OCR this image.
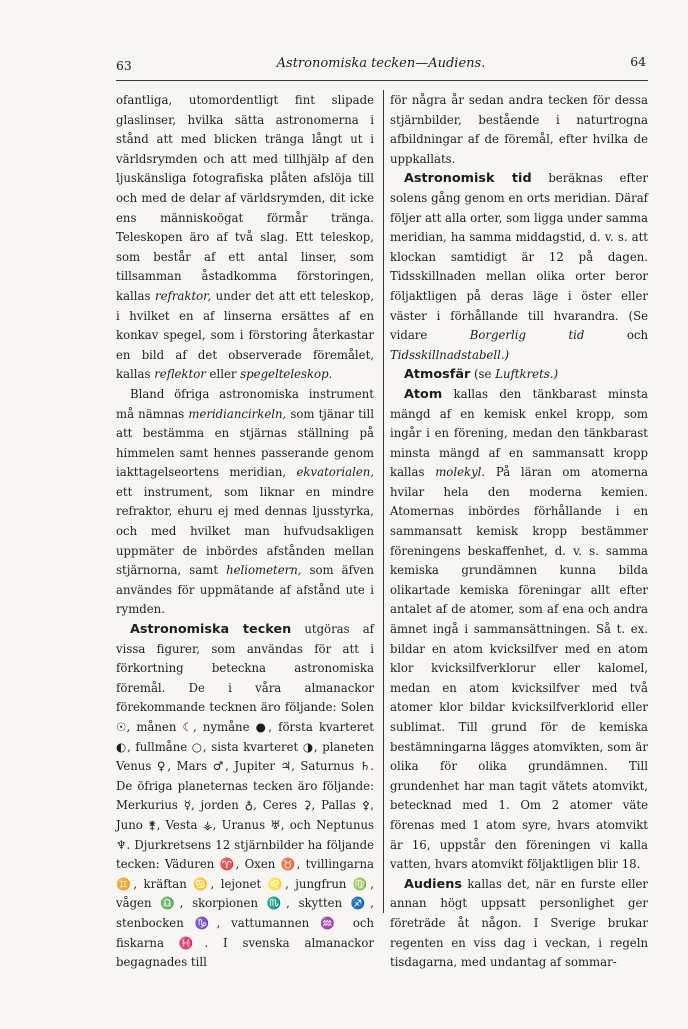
63	Astronomiska tecken—Audiens.	64

ofantliga, utomordentligt fint slipade glaslinser, hvilka sätta astronomerna i stånd att med blicken tränga långt ut i världsrymden och att med tillhjälp af den ljuskänsliga fotografiska plåten afslöja till och med de delar af världsrymden, dit icke ens människoögat förmår tränga. Teleskopen äro af två slag. Ett teleskop, som består af ett antal linser, som tillsamman åstadkomma förstoringen, kallas refraktor, under det att ett teleskop, i hvilket en af linserna ersättes af en konkav spegel, som i förstoring återkastar en bild af det observerade föremålet, kallas reflektor eller spegelteleskop.

Bland öfriga astronomiska instrument må nämnas meridiancirkeln, som tjänar till att bestämma en stjärnas ställning på himmelen samt hennes passerande genom iakttagelseortens meridian, ekvatorialen, ett instrument, som liknar en mindre refraktor, ehuru ej med dennas ljusstyrka, och med hvilket man hufvudsakligen uppmäter de inbördes afstånden mellan stjärnorna, samt heliometern, som äfven användes för uppmätande af afstånd ute i rymden.

Astronomiska tecken utgöras af vissa figurer, som användas för att i förkortning beteckna astronomiska föremål. De i våra almanackor förekommande tecknen äro följande: Solen ☉, månen ☾, nymåne ●, första kvarteret ◐, fullmåne ○, sista kvarteret ◑, planeten Venus ♀, Mars ♂, Jupiter ♃, Saturnus ♄. De öfriga planeternas tecken äro följande: Merkurius ☿, jorden ♁, Ceres ⚳, Pallas ⚴, Juno ⚵, Vesta ⚶, Uranus ♅, och Neptunus ♆. Djurkretsens 12 stjärnbilder ha följande tecken: Väduren ♈, Oxen ♉, tvillingarna ♊, kräftan ♋, lejonet ♌, jungfrun ♍, vågen ♎, skorpionen ♏, skytten ♐, stenbocken ♑, vattumannen ♒ och fiskarna ♓. I svenska almanackor begagnades till

för några år sedan andra tecken för dessa stjärnbilder, bestående i naturtrogna afbildningar af de föremål, efter hvilka de uppkallats.

Astronomisk tid beräknas efter solens gång genom en orts meridian. Däraf följer att alla orter, som ligga under samma meridian, ha samma middagstid, d. v. s. att klockan samtidigt är 12 på dagen. Tidsskillnaden mellan olika orter beror följaktligen på deras läge i öster eller väster i förhållande till hvarandra. (Se vidare Borgerlig tid och Tidsskillnadstabell.)

Atmosfär (se Luftkrets.)

Atom kallas den tänkbarast minsta mängd af en kemisk enkel kropp, som ingår i en förening, medan den tänkbarast minsta mängd af en sammansatt kropp kallas molekyl. På läran om atomerna hvilar hela den moderna kemien. Atomernas inbördes förhållande i en sammansatt kemisk kropp bestämmer föreningens beskaffenhet, d. v. s. samma kemiska grundämnen kunna bilda olikartade kemiska föreningar allt efter antalet af de atomer, som af ena och andra ämnet ingå i sammansättningen. Så t. ex. bildar en atom kvicksilfver med en atom klor kvicksilfverklorur eller kalomel, medan en atom kvicksilfver med två atomer klor bildar kvicksilfverklorid eller sublimat. Till grund för de kemiska bestämningarna lägges atomvikten, som är olika för olika grundämnen. Till grundenhet har man tagit vätets atomvikt, betecknad med 1. Om 2 atomer väte förenas med 1 atom syre, hvars atomvikt är 16, uppstår den föreningen vi kalla vatten, hvars atomvikt följaktligen blir 18.

Audiens kallas det, när en furste eller annan högt uppsatt personlighet ger företräde åt någon. I Sverige brukar regenten en viss dag i veckan, i regeln tisdagarna, med undantag af sommar-
